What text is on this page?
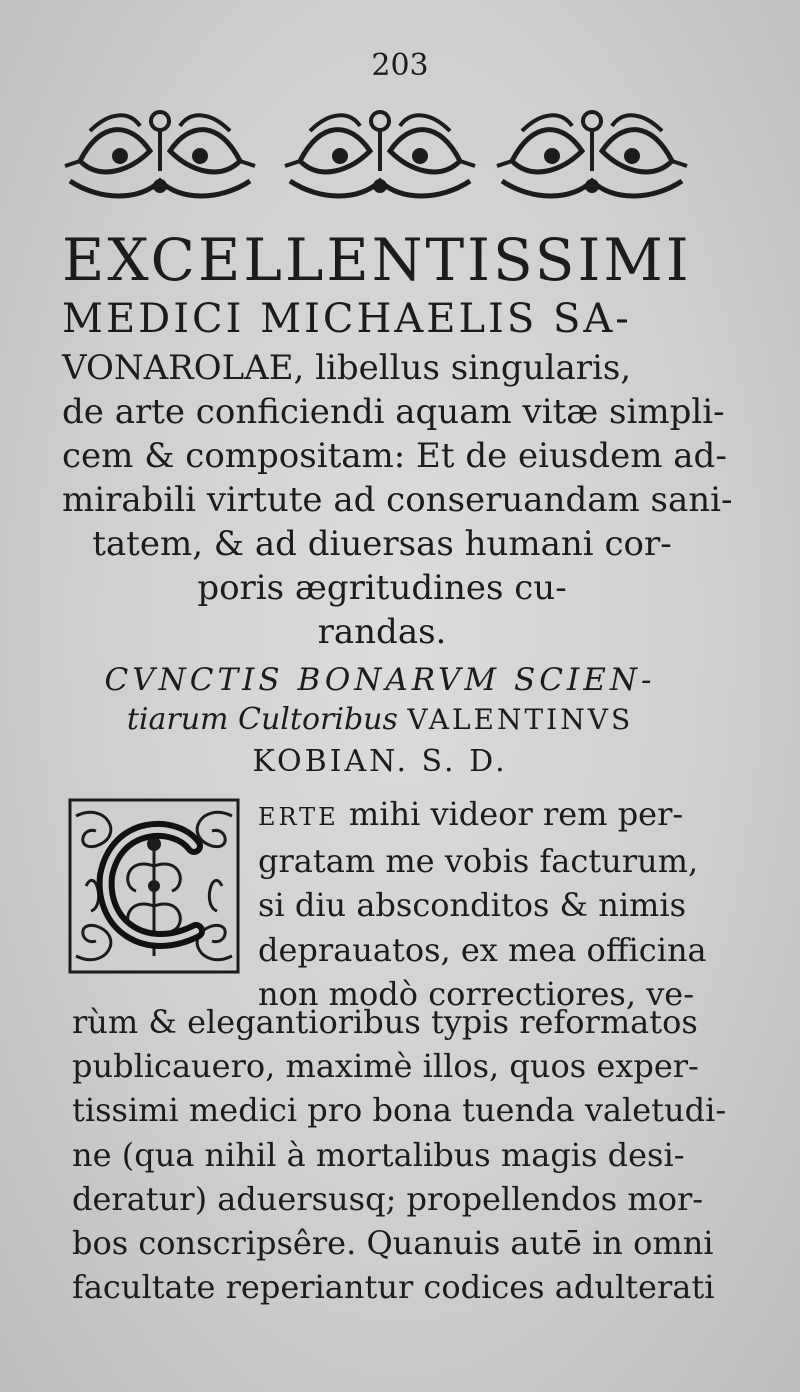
203
EXCELLENTISSIMI
MEDICI MICHAELIS SA-
VONAROLAE, libellus singularis,
de arte conficiendi aquam vitæ simpli-
cem & compositam: Et de eiusdem ad-
mirabili virtute ad conseruandam sani-
tatem, & ad diuersas humani cor-
poris ægritudines cu-
randas.
CVNCTIS BONARVM SCIEN-
tiarum Cultoribus VALENTINVS
KOBIAN. S. D.
ERTE mihi videor rem per-
gratam me vobis facturum,
si diu absconditos & nimis
deprauatos, ex mea officina
non modò correctiores, ve-
rùm & elegantioribus typis reformatos
publicauero, maximè illos, quos exper-
tissimi medici pro bona tuenda valetudi-
ne (qua nihil à mortalibus magis desi-
deratur) aduersusq; propellendos mor-
bos conscripsêre. Quanuis autē in omni
facultate reperiantur codices adulterati
